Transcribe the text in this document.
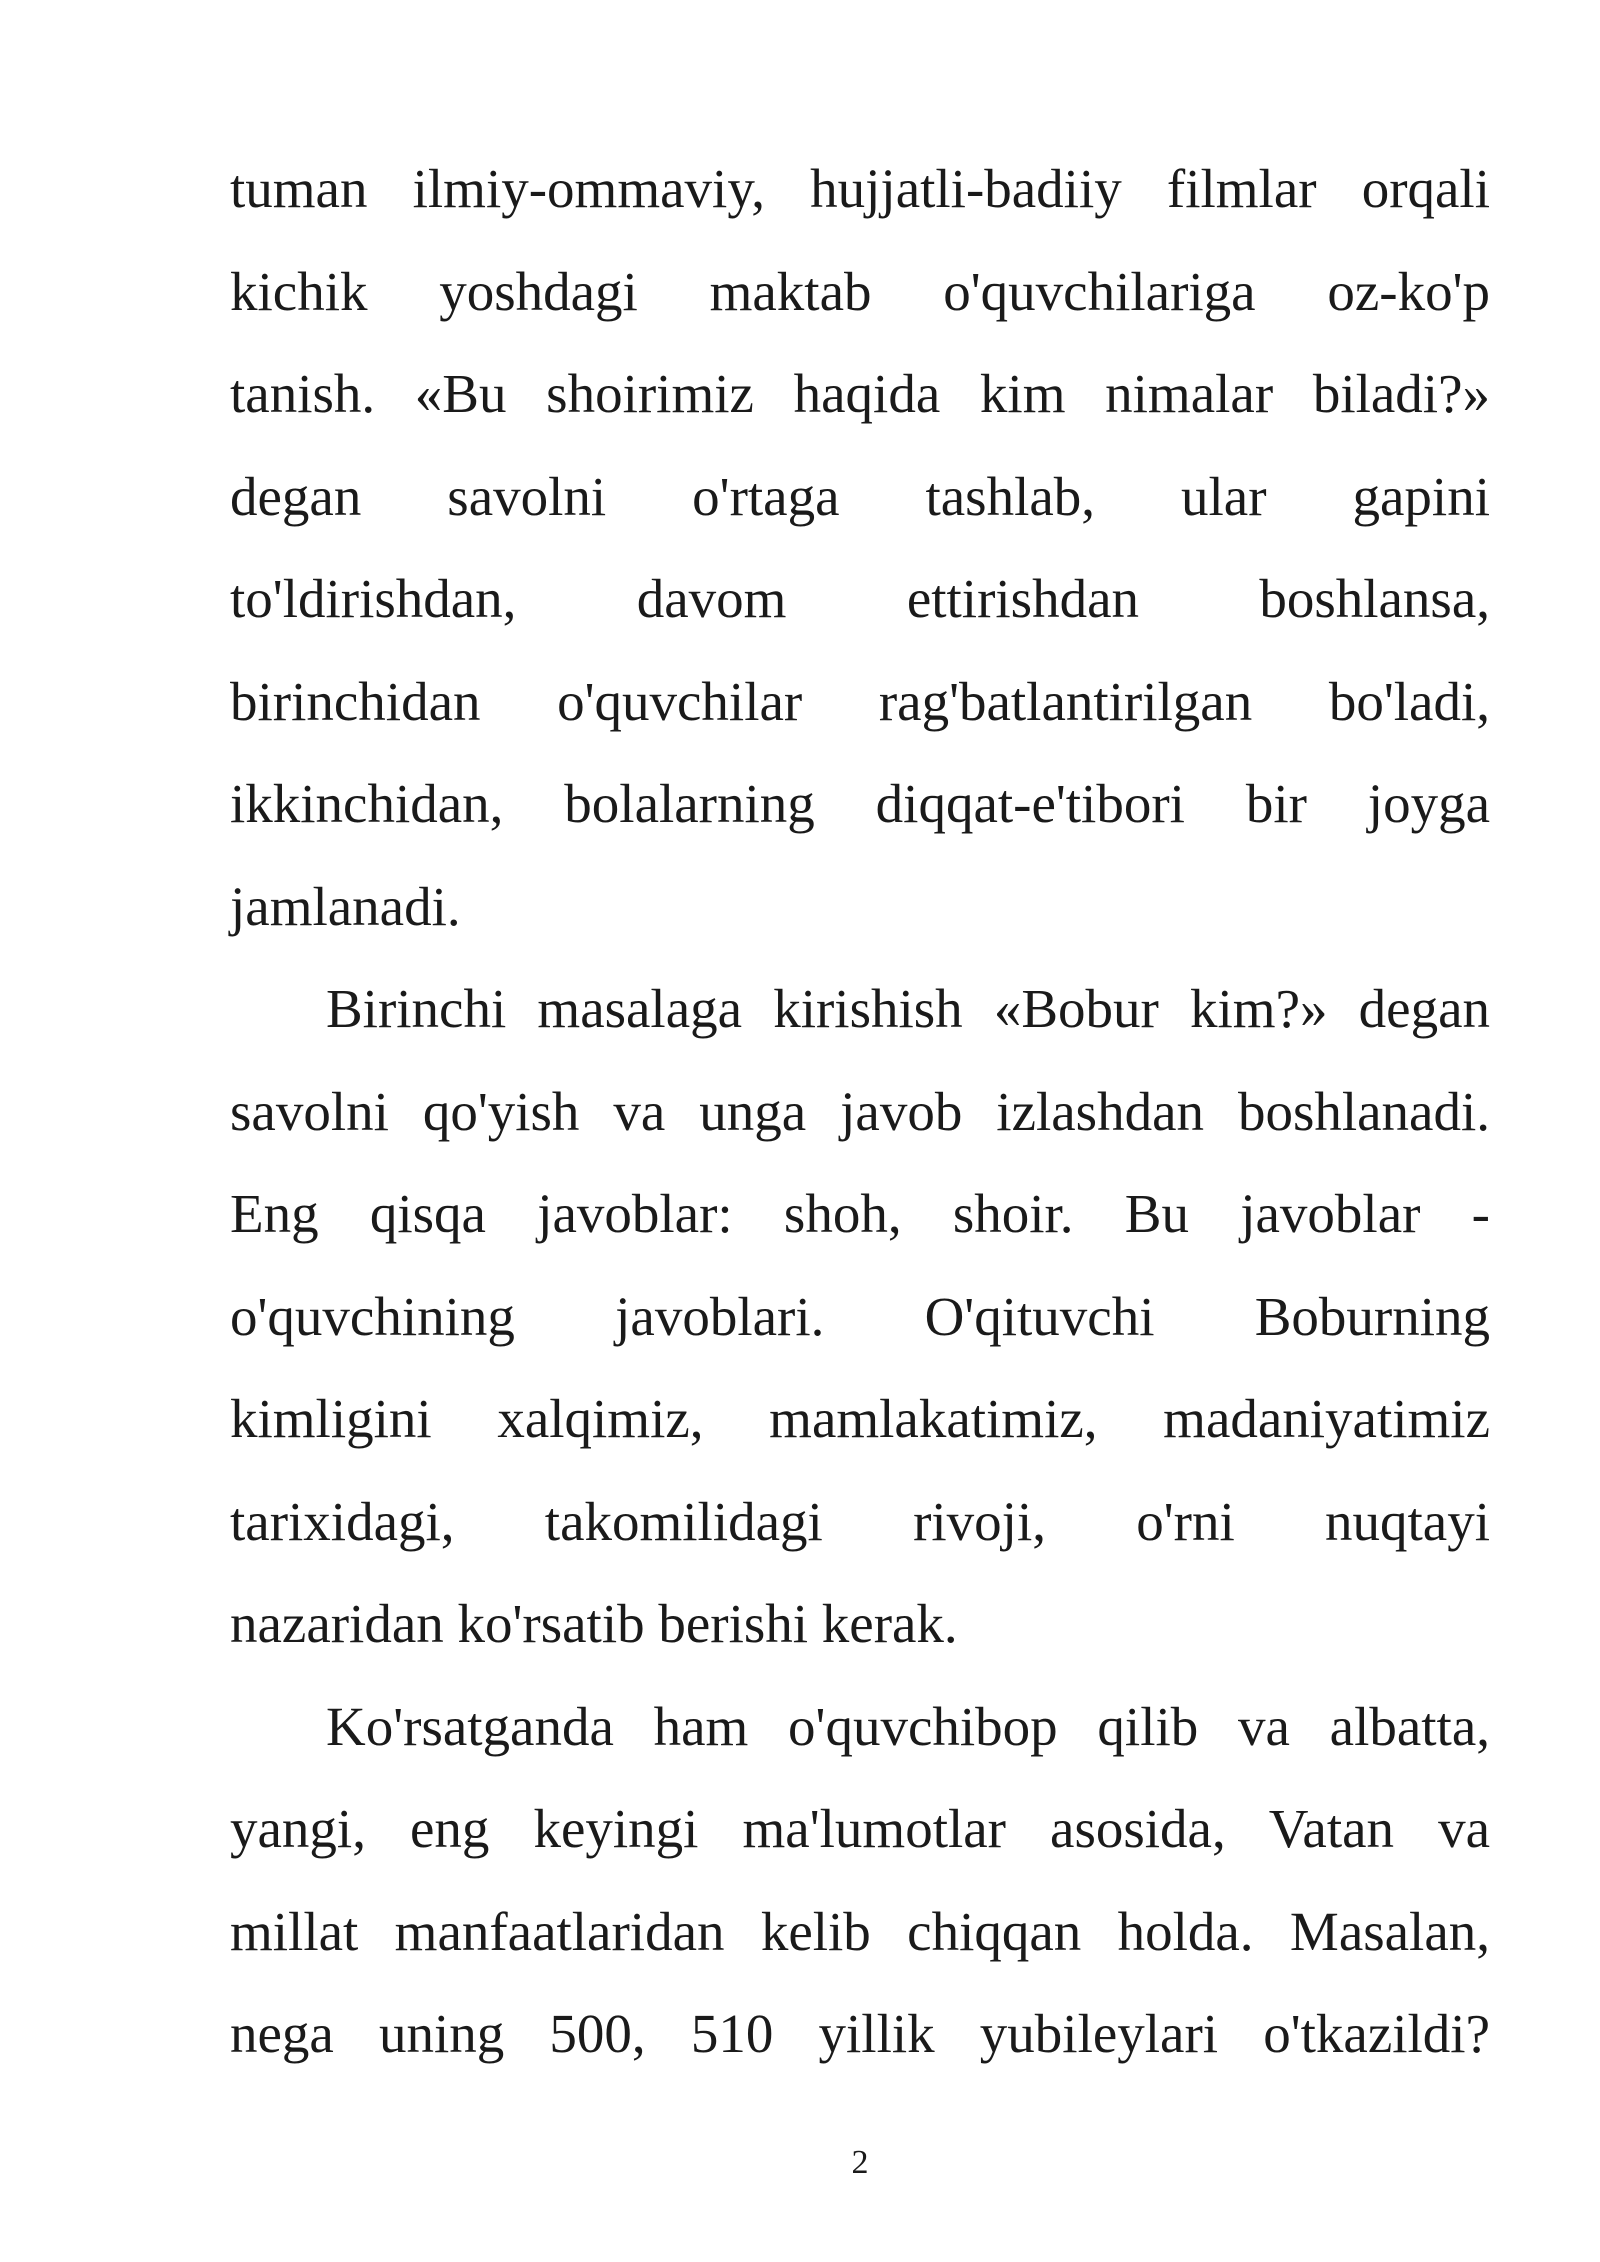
tuman ilmiy-ommaviy, hujjatli-badiiy filmlar orqali
kichik yoshdagi maktab o'quvchilariga oz-ko'p
tanish. «Bu shoirimiz haqida kim nimalar biladi?»
degan savolni o'rtaga tashlab, ular gapini
to'ldirishdan, davom ettirishdan boshlansa,
birinchidan o'quvchilar rag'batlantirilgan bo'ladi,
ikkinchidan, bolalarning diqqat-e'tibori bir joyga
jamlanadi.

Birinchi masalaga kirishish «Bobur kim?» degan
savolni qo'yish va unga javob izlashdan boshlanadi.
Eng qisqa javoblar: shoh, shoir. Bu javoblar -
o'quvchining javoblari. O'qituvchi Boburning
kimligini xalqimiz, mamlakatimiz, madaniyatimiz
tarixidagi, takomilidagi rivoji, o'rni nuqtayi
nazaridan ko'rsatib berishi kerak.

Ko'rsatganda ham o'quvchibop qilib va albatta,
yangi, eng keyingi ma'lumotlar asosida, Vatan va
millat manfaatlaridan kelib chiqqan holda. Masalan,
nega uning 500, 510 yillik yubileylari o'tkazildi?

2
